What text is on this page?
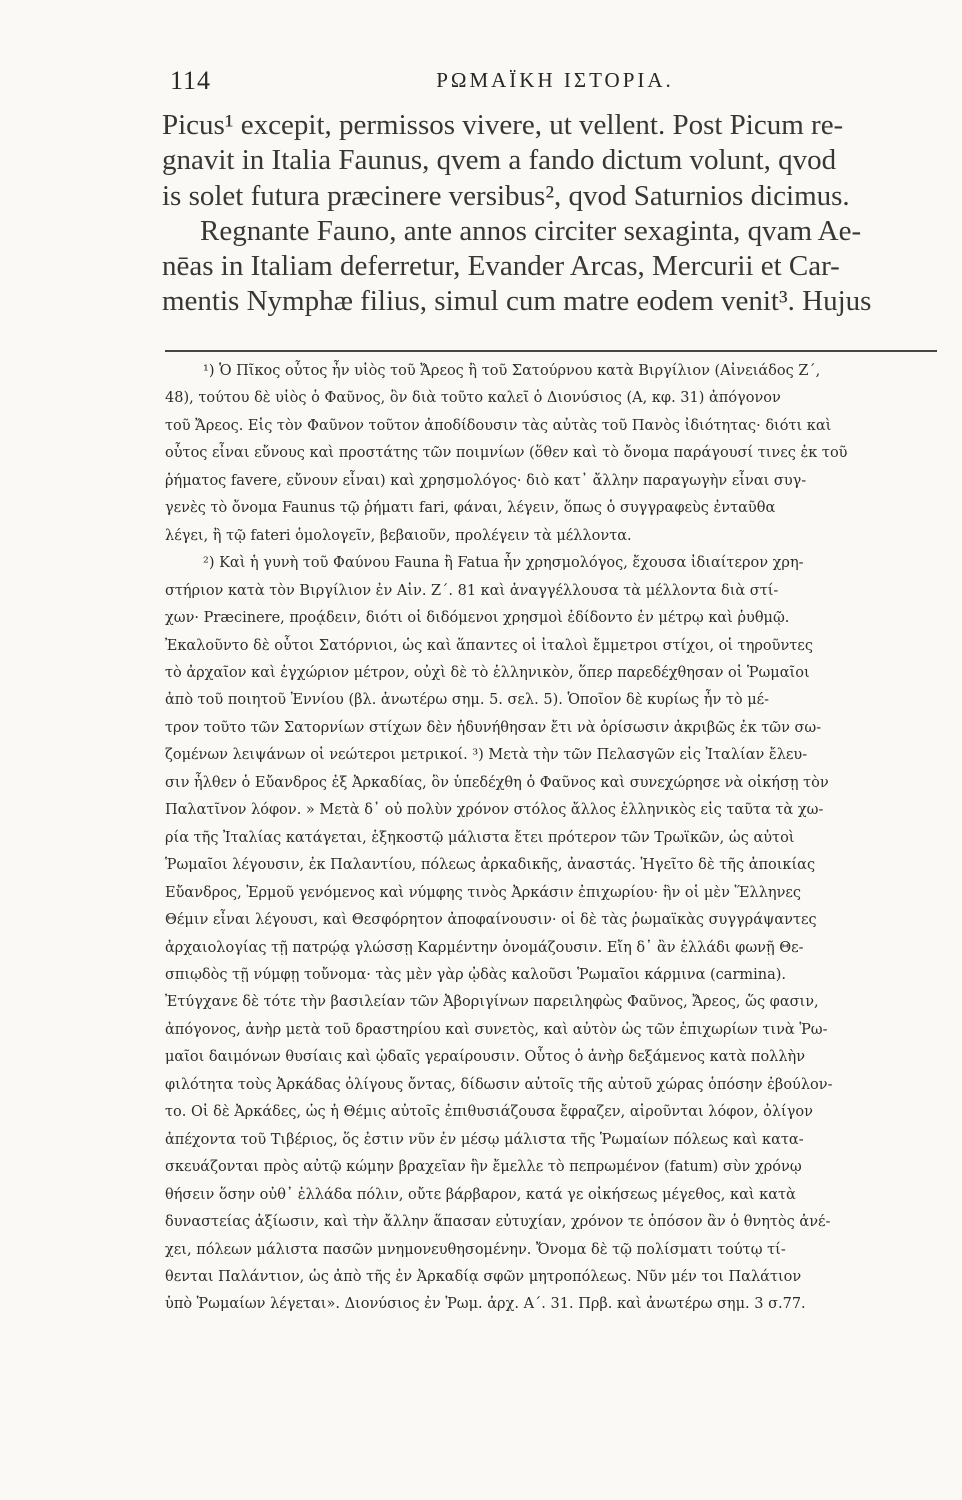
114	ΡΩΜΑΪΚΗ ΙΣΤΟΡΙΑ.
Picus¹ excepit, permissos vivere, ut vellent. Post Picum re-
gnavit in Italia Faunus, qvem a fando dictum volunt, qvod
is solet futura præcinere versibus², qvod Saturnios dicimus.
Regnante Fauno, ante annos circiter sexaginta, qvam Ae-
nēas in Italiam deferretur, Evander Arcas, Mercurii et Car-
mentis Nymphæ filius, simul cum matre eodem venit³. Hujus
¹) Ὁ Πῖκος οὗτος ἦν υἱὸς τοῦ Ἄρεος ἢ τοῦ Σατούρνου κατὰ Βιργίλιον (Αἰνειάδος Ζ΄,
48), τούτου δὲ υἱὸς ὁ Φαῦνος, ὃν διὰ τοῦτο καλεῖ ὁ Διονύσιος (Α, κφ. 31) ἀπόγονον
τοῦ Ἄρεος. Εἰς τὸν Φαῦνον τοῦτον ἀποδίδουσιν τὰς αὐτὰς τοῦ Πανὸς ἰδιότητας· διότι καὶ
οὗτος εἶναι εὔνους καὶ προστάτης τῶν ποιμνίων (ὅθεν καὶ τὸ ὄνομα παράγουσί τινες ἐκ τοῦ
ῥήματος favere, εὔνουν εἶναι) καὶ χρησμολόγος· διὸ κατ᾽ ἄλλην παραγωγὴν εἶναι συγ-
γενὲς τὸ ὄνομα Faunus τῷ ῥήματι fari, φάναι, λέγειν, ὅπως ὁ συγγραφεὺς ἐνταῦθα
λέγει, ἢ τῷ fateri ὁμολογεῖν, βεβαιοῦν, προλέγειν τὰ μέλλοντα.
²) Καὶ ἡ γυνὴ τοῦ Φαύνου Fauna ἢ Fatua ἦν χρησμολόγος, ἔχουσα ἰδιαίτερον χρη-
στήριον κατὰ τὸν Βιργίλιον ἐν Αἰν. Ζ΄. 81 καὶ ἀναγγέλλουσα τὰ μέλλοντα διὰ στί-
χων· Præcinere, προᾴδειν, διότι οἱ διδόμενοι χρησμοὶ ἐδίδοντο ἐν μέτρῳ καὶ ῥυθμῷ.
Ἐκαλοῦντο δὲ οὗτοι Σατόρνιοι, ὡς καὶ ἅπαντες οἱ ἰταλοὶ ἔμμετροι στίχοι, οἱ τηροῦντες
τὸ ἀρχαῖον καὶ ἐγχώριον μέτρον, οὐχὶ δὲ τὸ ἑλληνικὸν, ὅπερ παρεδέχθησαν οἱ Ῥωμαῖοι
ἀπὸ τοῦ ποιητοῦ Ἐννίου (βλ. ἀνωτέρω σημ. 5. σελ. 5). Ὁποῖον δὲ κυρίως ἦν τὸ μέ-
τρον τοῦτο τῶν Σατορνίων στίχων δὲν ἠδυνήθησαν ἔτι νὰ ὁρίσωσιν ἀκριβῶς ἐκ τῶν σω-
ζομένων λειψάνων οἱ νεώτεροι μετρικοί. ³) Μετὰ τὴν τῶν Πελασγῶν εἰς Ἰταλίαν ἔλευ-
σιν ἦλθεν ὁ Εὔανδρος ἐξ Ἀρκαδίας, ὃν ὑπεδέχθη ὁ Φαῦνος καὶ συνεχώρησε νὰ οἰκήσῃ τὸν
Παλατῖνον λόφον. » Μετὰ δ᾽ οὐ πολὺν χρόνον στόλος ἄλλος ἑλληνικὸς εἰς ταῦτα τὰ χω-
ρία τῆς Ἰταλίας κατάγεται, ἑξηκοστῷ μάλιστα ἔτει πρότερον τῶν Τρωϊκῶν, ὡς αὐτοὶ
Ῥωμαῖοι λέγουσιν, ἐκ Παλαντίου, πόλεως ἀρκαδικῆς, ἀναστάς. Ἡγεῖτο δὲ τῆς ἀποικίας
Εὔανδρος, Ἑρμοῦ γενόμενος καὶ νύμφης τινὸς Ἀρκάσιν ἐπιχωρίου· ἣν οἱ μὲν Ἕλληνες
Θέμιν εἶναι λέγουσι, καὶ Θεσφόρητον ἀποφαίνουσιν· οἱ δὲ τὰς ῥωμαϊκὰς συγγράψαντες
ἀρχαιολογίας τῇ πατρῴᾳ γλώσσῃ Καρμέντην ὀνομάζουσιν. Εἴη δ᾽ ἂν ἑλλάδι φωνῇ Θε-
σπιῳδὸς τῇ νύμφῃ τοὔνομα· τὰς μὲν γὰρ ᾠδὰς καλοῦσι Ῥωμαῖοι κάρμινα (carmina).
Ἐτύγχανε δὲ τότε τὴν βασιλείαν τῶν Ἀβοριγίνων παρειληφὼς Φαῦνος, Ἄρεος, ὥς φασιν,
ἀπόγονος, ἀνὴρ μετὰ τοῦ δραστηρίου καὶ συνετὸς, καὶ αὐτὸν ὡς τῶν ἐπιχωρίων τινὰ Ῥω-
μαῖοι δαιμόνων θυσίαις καὶ ᾠδαῖς γεραίρουσιν. Οὗτος ὁ ἀνὴρ δεξάμενος κατὰ πολλὴν
φιλότητα τοὺς Ἀρκάδας ὀλίγους ὄντας, δίδωσιν αὐτοῖς τῆς αὐτοῦ χώρας ὁπόσην ἐβούλον-
το. Οἱ δὲ Ἀρκάδες, ὡς ἡ Θέμις αὐτοῖς ἐπιθυσιάζουσα ἔφραζεν, αἱροῦνται λόφον, ὀλίγον
ἀπέχοντα τοῦ Τιβέριος, ὅς ἐστιν νῦν ἐν μέσῳ μάλιστα τῆς Ῥωμαίων πόλεως καὶ κατα-
σκευάζονται πρὸς αὐτῷ κώμην βραχεῖαν ἣν ἔμελλε τὸ πεπρωμένον (fatum) σὺν χρόνῳ
θήσειν ὅσην οὐθ᾽ ἑλλάδα πόλιν, οὔτε βάρβαρον, κατά γε οἰκήσεως μέγεθος, καὶ κατὰ
δυναστείας ἀξίωσιν, καὶ τὴν ἄλλην ἅπασαν εὐτυχίαν, χρόνον τε ὁπόσον ἂν ὁ θνητὸς ἀνέ-
χει, πόλεων μάλιστα πασῶν μνημονευθησομένην. Ὄνομα δὲ τῷ πολίσματι τούτῳ τί-
θενται Παλάντιον, ὡς ἀπὸ τῆς ἐν Ἀρκαδίᾳ σφῶν μητροπόλεως. Νῦν μέν τοι Παλάτιον
ὑπὸ Ῥωμαίων λέγεται». Διονύσιος ἐν Ῥωμ. ἀρχ. Α΄. 31. Πρβ. καὶ ἀνωτέρω σημ. 3 σ.77.
